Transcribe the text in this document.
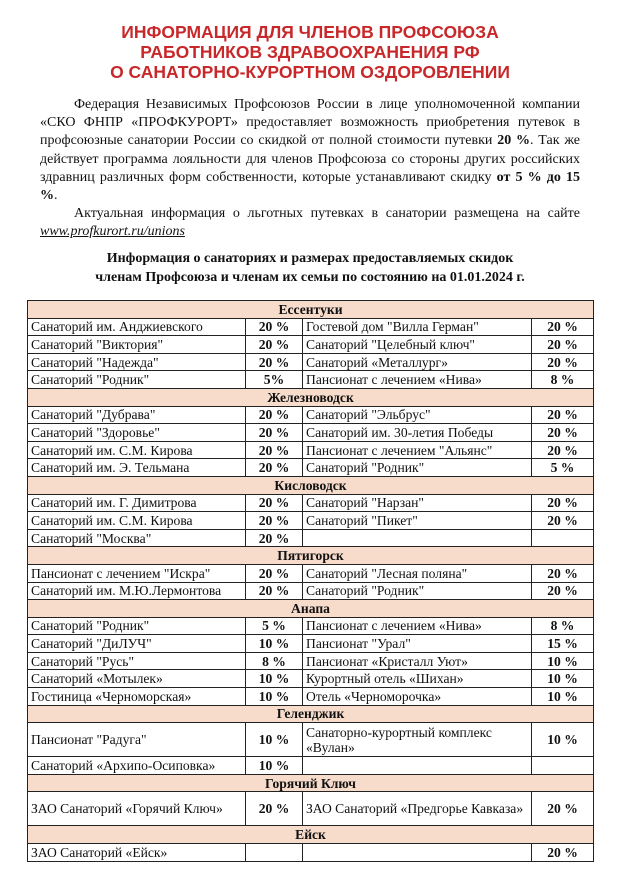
ИНФОРМАЦИЯ ДЛЯ ЧЛЕНОВ ПРОФСОЮЗА
РАБОТНИКОВ ЗДРАВООХРАНЕНИЯ РФ
О САНАТОРНО-КУРОРТНОМ ОЗДОРОВЛЕНИИ

Федерация Независимых Профсоюзов России в лице уполномоченной компании «СКО ФНПР «ПРОФКУРОРТ» предоставляет возможность приобретения путевок в профсоюзные санатории России со скидкой от полной стоимости путевки 20 %. Так же действует программа лояльности для членов Профсоюза со стороны других российских здравниц различных форм собственности, которые устанавливают скидку от 5 % до 15 %.

Актуальная информация о льготных путевках в санатории размещена на сайте www.profkurort.ru/unions

Информация о санаториях и размерах предоставляемых скидок
членам Профсоюза и членам их семьи по состоянию на 01.01.2024 г.
Ессентуки			
Санаторий им. Анджиевского	20 %	Гостевой дом "Вилла Герман"	20 %
Санаторий "Виктория"	20 %	Санаторий "Целебный ключ"	20 %
Санаторий "Надежда"	20 %	Санаторий «Металлург»	20 %
Санаторий "Родник"	5%	Пансионат с лечением «Нива»	8 %
Железноводск			
Санаторий "Дубрава"	20 %	Санаторий "Эльбрус"	20 %
Санаторий "Здоровье"	20 %	Санаторий им. 30-летия Победы	20 %
Санаторий им. С.М. Кирова	20 %	Пансионат с лечением "Альянс"	20 %
Санаторий им. Э. Тельмана	20 %	Санаторий "Родник"	5 %
Кисловодск			
Санаторий им. Г. Димитрова	20 %	Санаторий "Нарзан"	20 %
Санаторий им. С.М. Кирова	20 %	Санаторий "Пикет"	20 %
Санаторий "Москва"	20 %		
Пятигорск			
Пансионат с лечением "Искра"	20 %	Санаторий "Лесная поляна"	20 %
Санаторий им. М.Ю.Лермонтова	20 %	Санаторий "Родник"	20 %
Анапа			
Санаторий "Родник"	5 %	Пансионат с лечением «Нива»	8 %
Санаторий "ДиЛУЧ"	10 %	Пансионат "Урал"	15 %
Санаторий "Русь"	8 %	Пансионат «Кристалл Уют»	10 %
Санаторий «Мотылек»	10 %	Курортный отель «Шихан»	10 %
Гостиница «Черноморская»	10 %	Отель «Черноморочка»	10 %
Геленджик			
Пансионат "Радуга"	10 %	Санаторно-курортный комплекс «Вулан»	10 %
Санаторий «Архипо-Осиповка»	10 %		
Горячий Ключ			
ЗАО Санаторий «Горячий Ключ»	20 %	ЗАО Санаторий «Предгорье Кавказа»	20 %
Ейск			
ЗАО Санаторий «Ейск»			20 %
